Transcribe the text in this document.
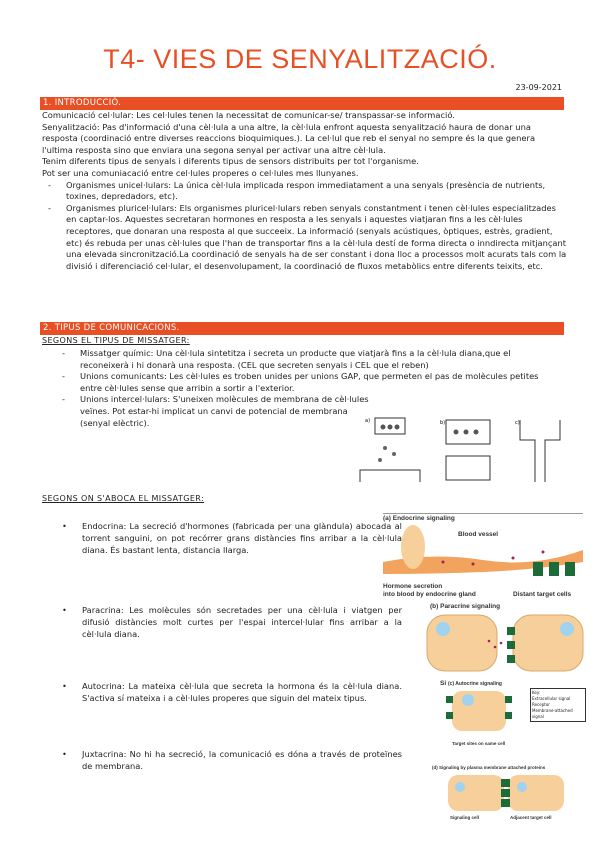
T4- VIES DE SENYALITZACIÓ.
23-09-2021
1. INTRODUCCIÓ.
Comunicació cel·lular: Les cel·lules tenen la necessitat de comunicar-se/ transpassar-se informació.
Senyalització: Pas d'informació d'una cèl·lula a una altre, la cèl·lula enfront aquesta senyalització haura de donar una resposta (coordinació entre diverses reaccions bioquimiques.). La cel·lul que reb el senyal no sempre és la que genera l'ultima resposta sino que enviara una segona senyal per activar una altre cèl·lula.
Tenim diferents tipus de senyals i diferents tipus de sensors distribuits per tot l'organisme.
Pot ser una comuniacació entre cel·lules properes o cel·lules mes llunyanes.
- Organismes unicel·lulars: La única cèl·lula implicada respon immediatament a una senyals (presència de nutrients, toxines, depredadors, etc).
- Organismes pluricel·lulars: Els organismes pluricel·lulars reben senyals constantment i tenen cèl·lules especialitzades en captar-los. Aquestes secretaran hormones en resposta a les senyals i aquestes viatjaran fins a les cèl·lules receptores, que donaran una resposta al que succeeix. La informació (senyals acústiques, òptiques, estrès, gradient, etc) és rebuda per unas cèl·lules que l'han de transportar fins a la cèl·lula destí de forma directa o inndirecta mitjançant una elevada sincronització.La coordinació de senyals ha de ser constant i dona lloc a processos molt acurats tals com la divisió i diferenciació cel·lular, el desenvolupament, la coordinació de fluxos metabòlics entre diferents teixits, etc.
2. TIPUS DE COMUNICACIONS.
SEGONS EL TIPUS DE MISSATGER:
- Missatger químic: Una cèl·lula sintetitza i secreta un producte que viatjarà fins a la cèl·lula diana,que el reconeixerà i hi donarà una resposta. (CEL que secreten senyals i CEL que el reben)
- Unions comunicants: Les cèl·lules es troben unides per unions GAP, que permeten el pas de molècules petites entre cèl·lules sense que arribin a sortir a l'exterior.
- Unions intercel·lulars: S'uneixen molècules de membrana de cèl·lules veïnes. Pot estar-hi implicat un canvi de potencial de membrana (senyal elèctric).	a)	b)	c)
SEGONS ON S'ABOCA EL MISSATGER:
• Endocrina: La secreció d'hormones (fabricada per una glàndula) abocada al torrent sanguini, on pot recórrer grans distàncies fins arribar a la cèl·lula diana. És bastant lenta, distancia llarga.
• Paracrina: Les molècules són secretades per una cèl·lula i viatgen per difusió distàncies molt curtes per l'espai intercel·lular fins arribar a la cèl·lula diana.
• Autocrina: La mateixa cèl·lula que secreta la hormona és la cèl·lula diana. S'activa sí mateixa i a cèl·lules properes que siguin del mateix tipus.
• Juxtacrina: No hi ha secreció, la comunicació es dóna a través de proteïnes de membrana.
(a) Endocrine signaling
Blood vessel
Hormone secretion
into blood by endocrine gland	Distant target cells
(b) Paracrine signaling
Si (c) Autocrine signaling
Target sites on same cell
Key:
Extracellular signal
Receptor
Membrane-attached signal
(d) Signaling by plasma membrane attached proteins
Signaling cell	Adjacent target cell
